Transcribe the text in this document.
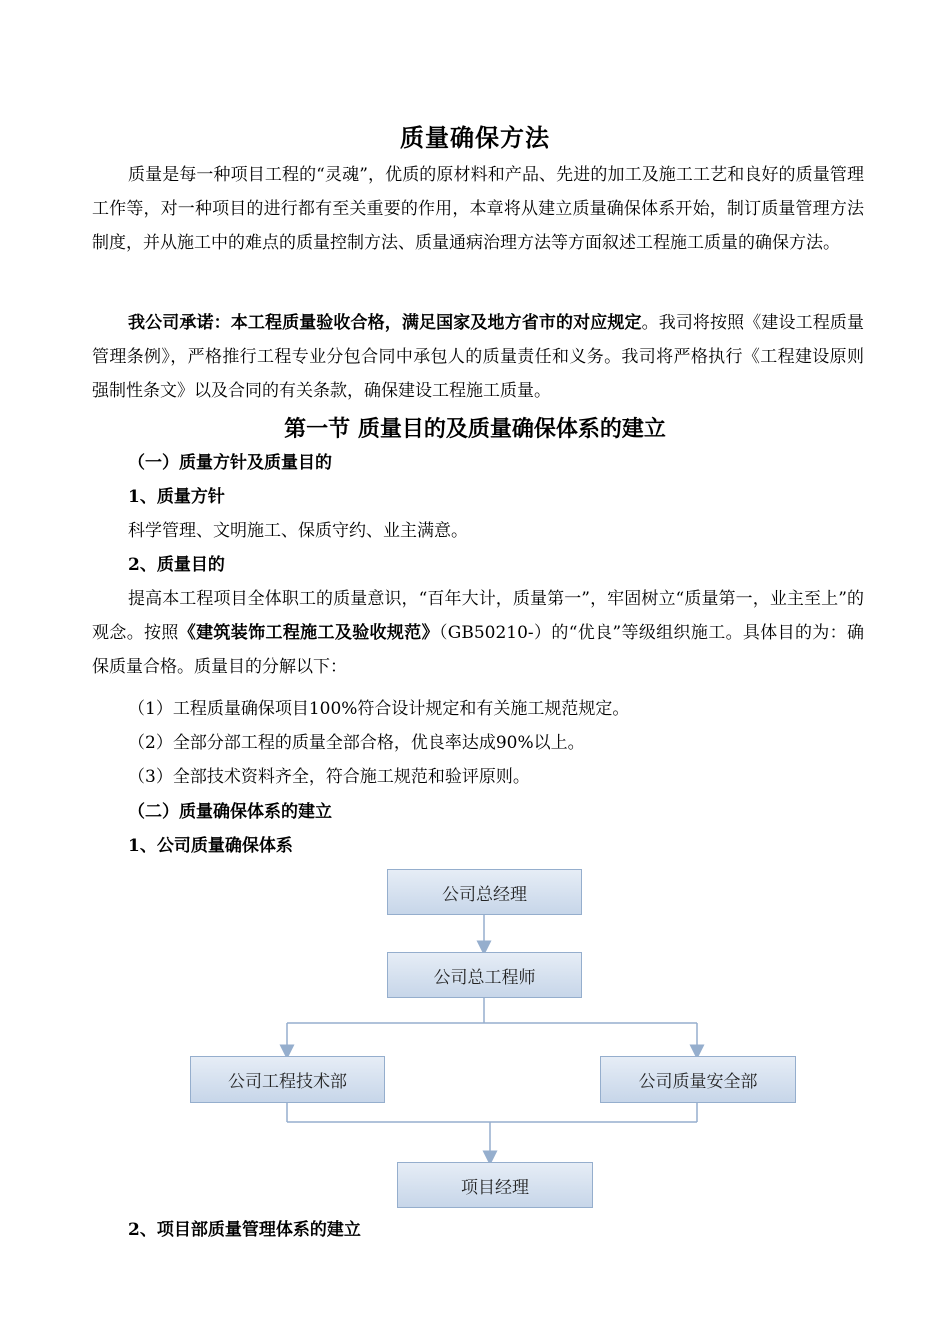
质量确保方法

质量是每一种项目工程的“灵魂”，优质的原材料和产品、先进的加工及施工工艺和良好的质量管理工作等，对一种项目的进行都有至关重要的作用，本章将从建立质量确保体系开始，制订质量管理方法制度，并从施工中的难点的质量控制方法、质量通病治理方法等方面叙述工程施工质量的确保方法。

我公司承诺：本工程质量验收合格，满足国家及地方省市的对应规定。我司将按照《建设工程质量管理条例》，严格推行工程专业分包合同中承包人的质量责任和义务。我司将严格执行《工程建设原则强制性条文》以及合同的有关条款，确保建设工程施工质量。

第一节 质量目的及质量确保体系的建立
（一）质量方针及质量目的
1、质量方针
科学管理、文明施工、保质守约、业主满意。
2、质量目的

提高本工程项目全体职工的质量意识，“百年大计，质量第一”，牢固树立“质量第一，业主至上”的观念。按照《建筑装饰工程施工及验收规范》（GB50210-）的“优良”等级组织施工。具体目的为：确保质量合格。质量目的分解以下：

（1）工程质量确保项目100%符合设计规定和有关施工规范规定。
（2）全部分部工程的质量全部合格，优良率达成90%以上。
（3）全部技术资料齐全，符合施工规范和验评原则。
（二）质量确保体系的建立
1、公司质量确保体系
公司总经理
公司总工程师
公司工程技术部	公司质量安全部
项目经理
2、项目部质量管理体系的建立
